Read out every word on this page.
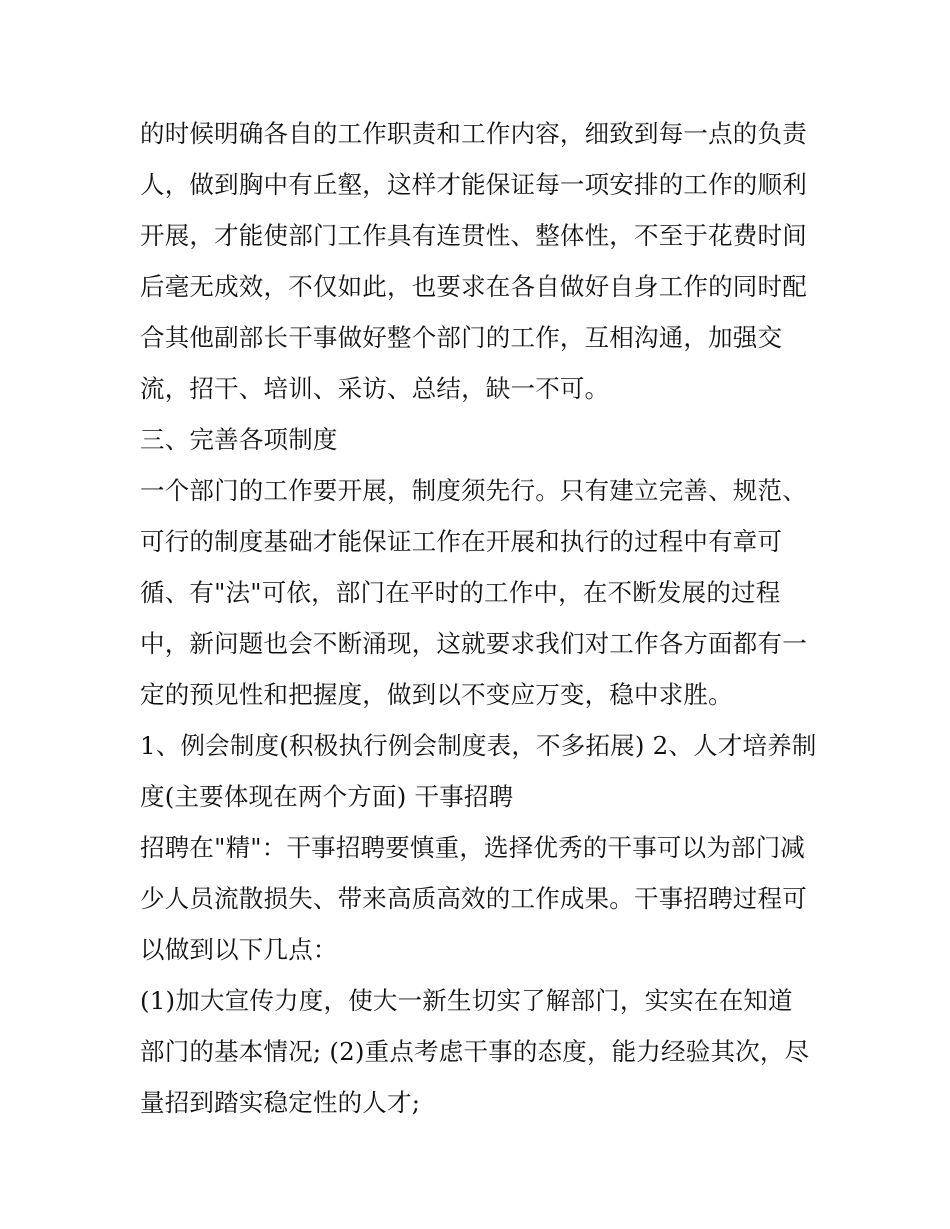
的时候明确各自的工作职责和工作内容，细致到每一点的负责
人，做到胸中有丘壑，这样才能保证每一项安排的工作的顺利
开展，才能使部门工作具有连贯性、整体性，不至于花费时间
后毫无成效，不仅如此，也要求在各自做好自身工作的同时配
合其他副部长干事做好整个部门的工作，互相沟通，加强交
流，招干、培训、采访、总结，缺一不可。
三、完善各项制度
一个部门的工作要开展，制度须先行。只有建立完善、规范、
可行的制度基础才能保证工作在开展和执行的过程中有章可
循、有"法"可依，部门在平时的工作中，在不断发展的过程
中，新问题也会不断涌现，这就要求我们对工作各方面都有一
定的预见性和把握度，做到以不变应万变，稳中求胜。
1、例会制度(积极执行例会制度表，不多拓展) 2、人才培养制
度(主要体现在两个方面) 干事招聘
招聘在"精"：干事招聘要慎重，选择优秀的干事可以为部门减
少人员流散损失、带来高质高效的工作成果。干事招聘过程可
以做到以下几点：
(1)加大宣传力度，使大一新生切实了解部门，实实在在知道
部门的基本情况; (2)重点考虑干事的态度，能力经验其次，尽
量招到踏实稳定性的人才;
